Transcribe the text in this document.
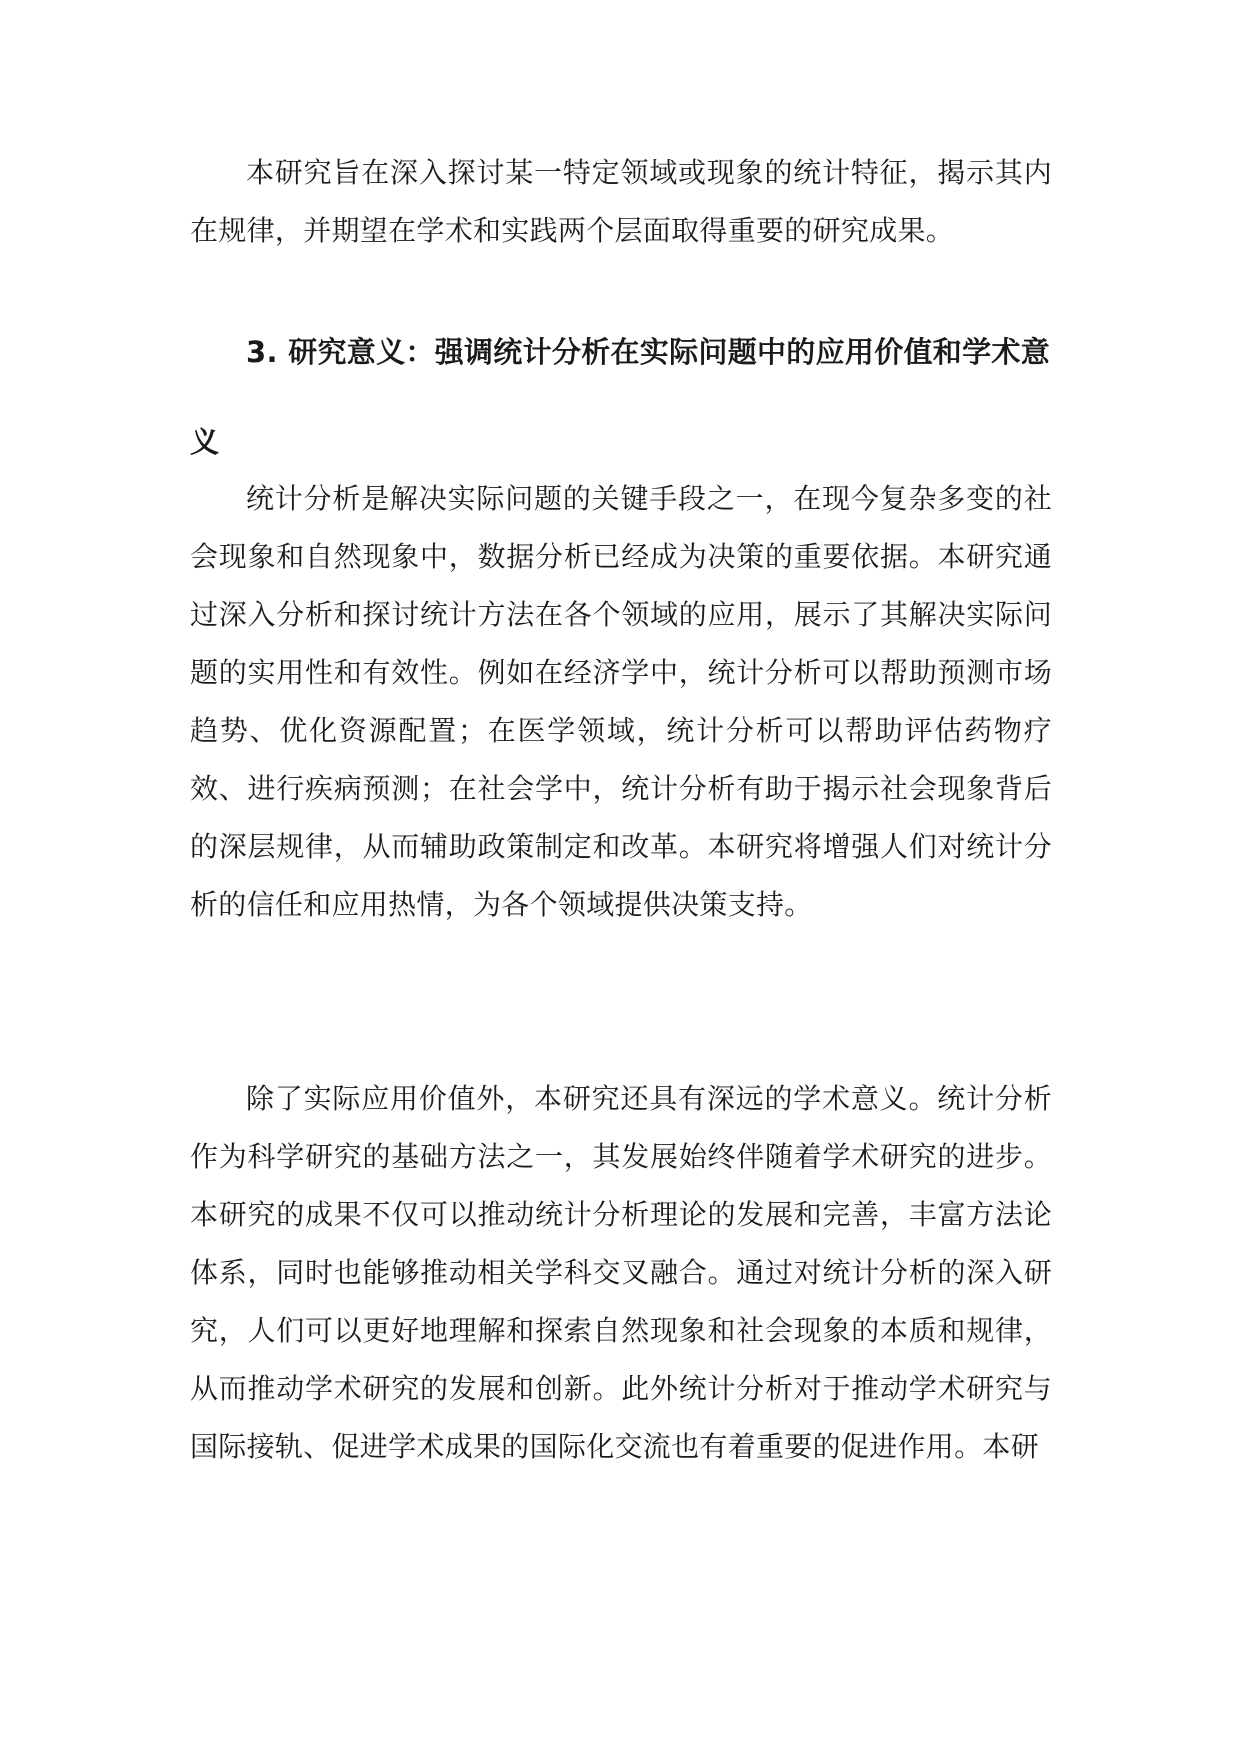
本研究旨在深入探讨某一特定领域或现象的统计特征，揭示其内在规律，并期望在学术和实践两个层面取得重要的研究成果。

3. 研究意义：强调统计分析在实际问题中的应用价值和学术意义

统计分析是解决实际问题的关键手段之一，在现今复杂多变的社会现象和自然现象中，数据分析已经成为决策的重要依据。本研究通过深入分析和探讨统计方法在各个领域的应用，展示了其解决实际问题的实用性和有效性。例如在经济学中，统计分析可以帮助预测市场趋势、优化资源配置；在医学领域，统计分析可以帮助评估药物疗效、进行疾病预测；在社会学中，统计分析有助于揭示社会现象背后的深层规律，从而辅助政策制定和改革。本研究将增强人们对统计分析的信任和应用热情，为各个领域提供决策支持。

除了实际应用价值外，本研究还具有深远的学术意义。统计分析作为科学研究的基础方法之一，其发展始终伴随着学术研究的进步。本研究的成果不仅可以推动统计分析理论的发展和完善，丰富方法论体系，同时也能够推动相关学科交叉融合。通过对统计分析的深入研究，人们可以更好地理解和探索自然现象和社会现象的本质和规律，从而推动学术研究的发展和创新。此外统计分析对于推动学术研究与国际接轨、促进学术成果的国际化交流也有着重要的促进作用。本研
